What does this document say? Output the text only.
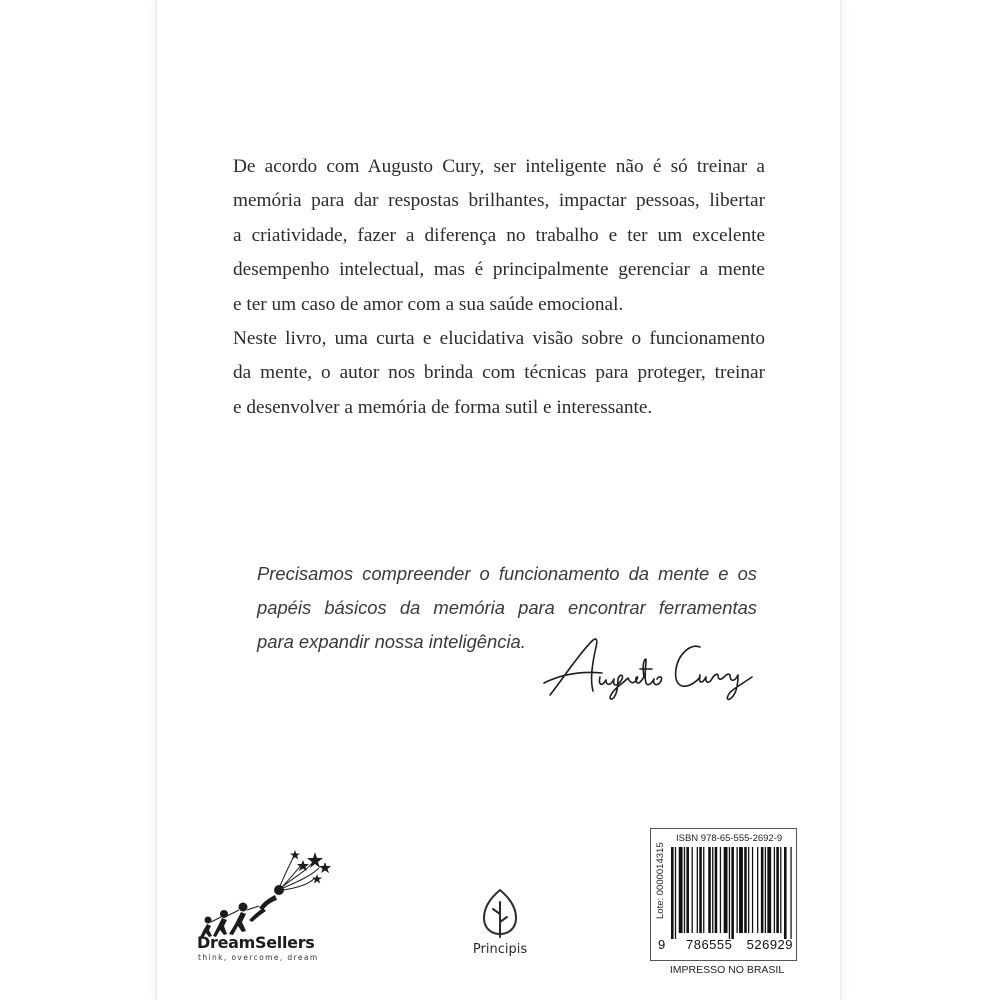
De acordo com Augusto Cury, ser inteligente não é só treinar a
memória para dar respostas brilhantes, impactar pessoas, libertar
a criatividade, fazer a diferença no trabalho e ter um excelente
desempenho intelectual, mas é principalmente gerenciar a mente
e ter um caso de amor com a sua saúde emocional.
Neste livro, uma curta e elucidativa visão sobre o funcionamento
da mente, o autor nos brinda com técnicas para proteger, treinar
e desenvolver a memória de forma sutil e interessante.
Precisamos compreender o funcionamento da mente e os
papéis básicos da memória para encontrar ferramentas
para expandir nossa inteligência.
DreamSellers
think, overcome, dream
Principis
ISBN 978-65-555-2692-9
Lote: 0000014315
9 786555 526929
IMPRESSO NO BRASIL
